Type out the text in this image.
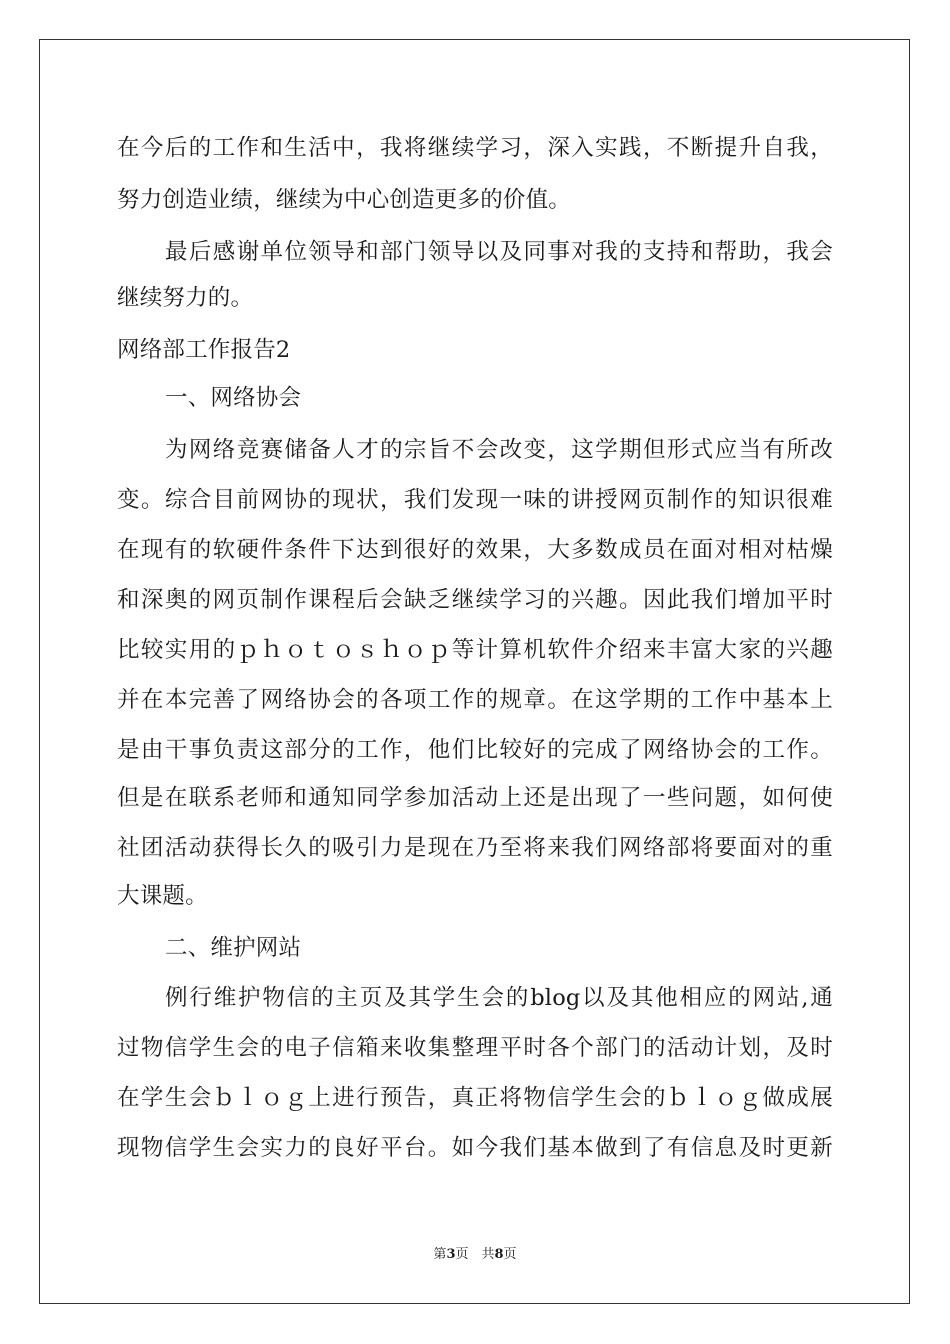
在今后的工作和生活中，我将继续学习，深入实践，不断提升自我，
努力创造业绩，继续为中心创造更多的价值。
最后感谢单位领导和部门领导以及同事对我的支持和帮助，我会
继续努力的。
网络部工作报告2
一、网络协会
为网络竞赛储备人才的宗旨不会改变，这学期但形式应当有所改
变。综合目前网协的现状，我们发现一味的讲授网页制作的知识很难
在现有的软硬件条件下达到很好的效果，大多数成员在面对相对枯燥
和深奥的网页制作课程后会缺乏继续学习的兴趣。因此我们增加平时
比较实用的ｐｈｏｔｏｓｈｏｐ等计算机软件介绍来丰富大家的兴趣
并在本完善了网络协会的各项工作的规章。在这学期的工作中基本上
是由干事负责这部分的工作，他们比较好的完成了网络协会的工作。
但是在联系老师和通知同学参加活动上还是出现了一些问题，如何使
社团活动获得长久的吸引力是现在乃至将来我们网络部将要面对的重
大课题。
二、维护网站
例行维护物信的主页及其学生会的blog以及其他相应的网站,通
过物信学生会的电子信箱来收集整理平时各个部门的活动计划，及时
在学生会ｂｌｏｇ上进行预告，真正将物信学生会的ｂｌｏｇ做成展
现物信学生会实力的良好平台。如今我们基本做到了有信息及时更新
第3页　共8页
